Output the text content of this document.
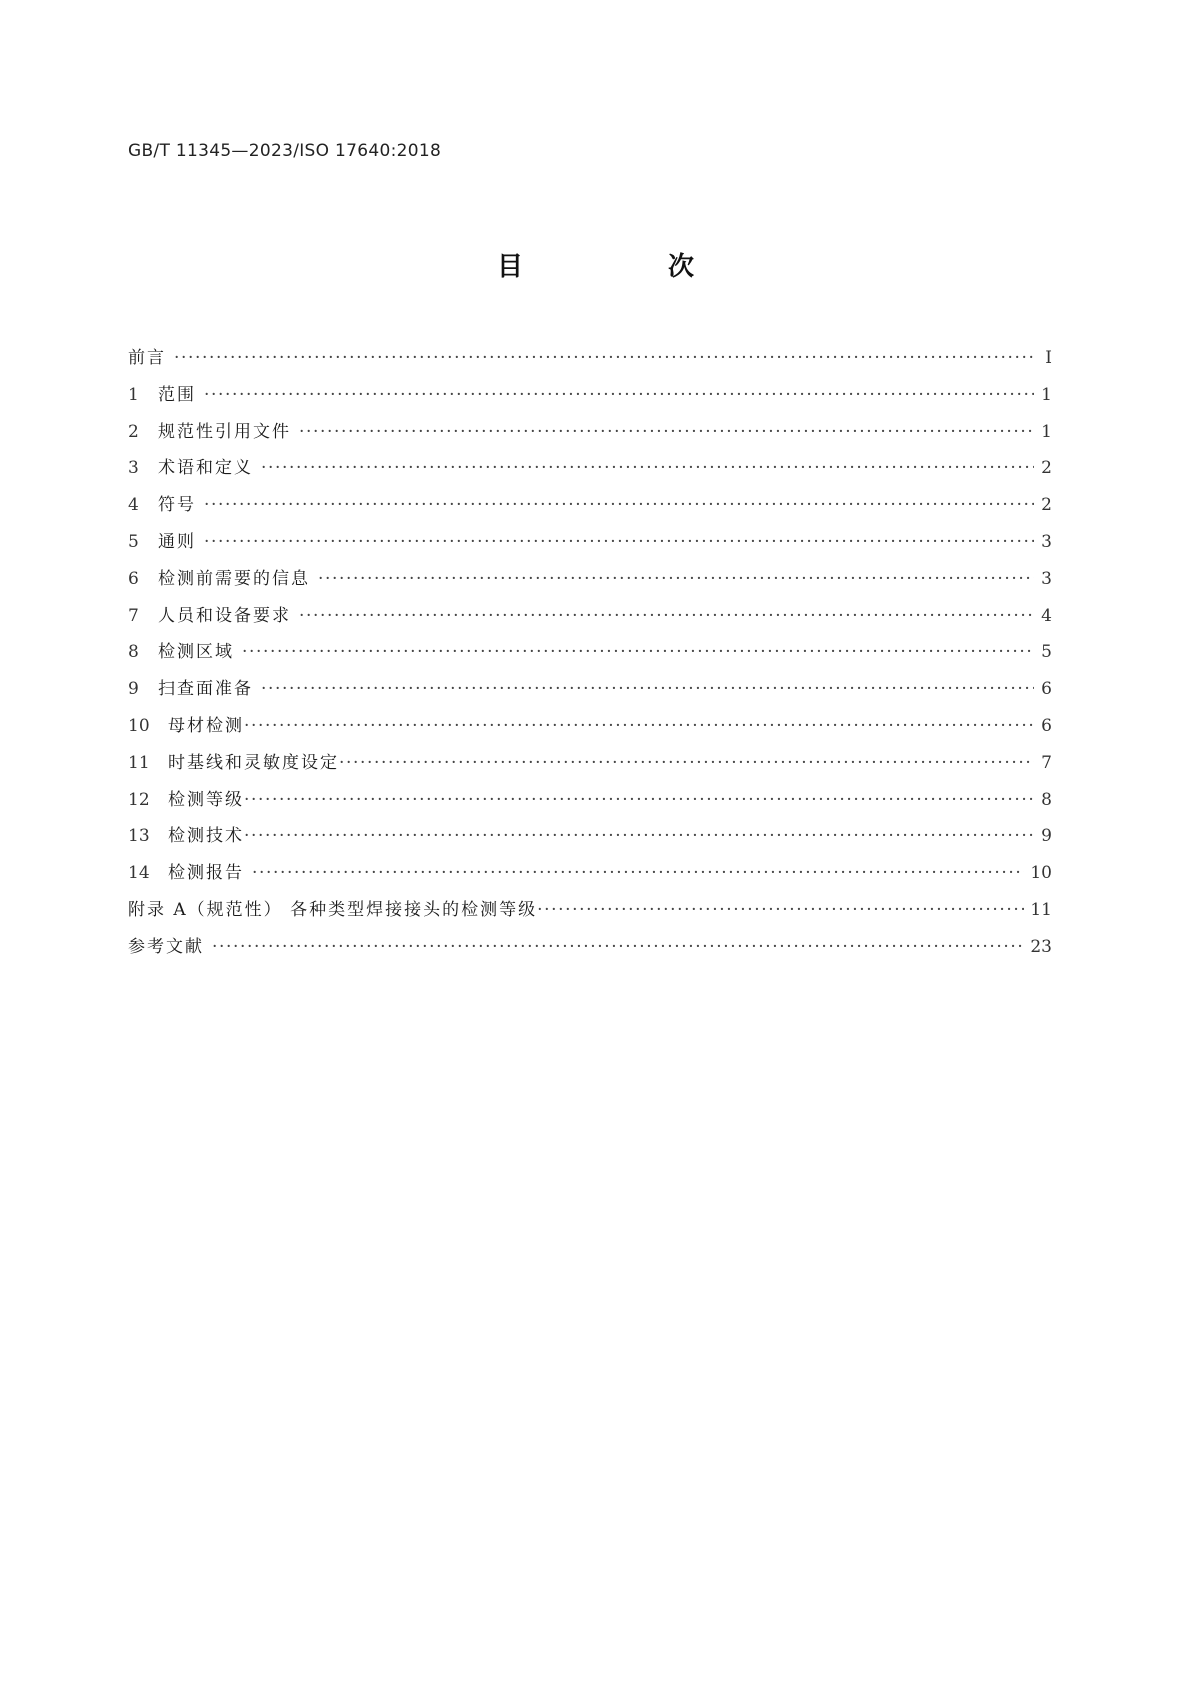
GB/T 11345—2023/ISO 17640:2018
目 次
前言 ·····	Ⅰ
1	范围 ·····	1
2	规范性引用文件 ·····	1
3	术语和定义 ·····	2
4	符号 ·····	2
5	通则 ·····	3
6	检测前需要的信息 ·····	3
7	人员和设备要求 ·····	4
8	检测区域 ·····	5
9	扫查面准备 ·····	6
10	母材检测 ·····	6
11	时基线和灵敏度设定 ·····	7
12	检测等级 ·····	8
13	检测技术 ·····	9
14	检测报告 ·····	10
附录 A（规范性） 各种类型焊接接头的检测等级 ·····	11
参考文献 ·····	23
